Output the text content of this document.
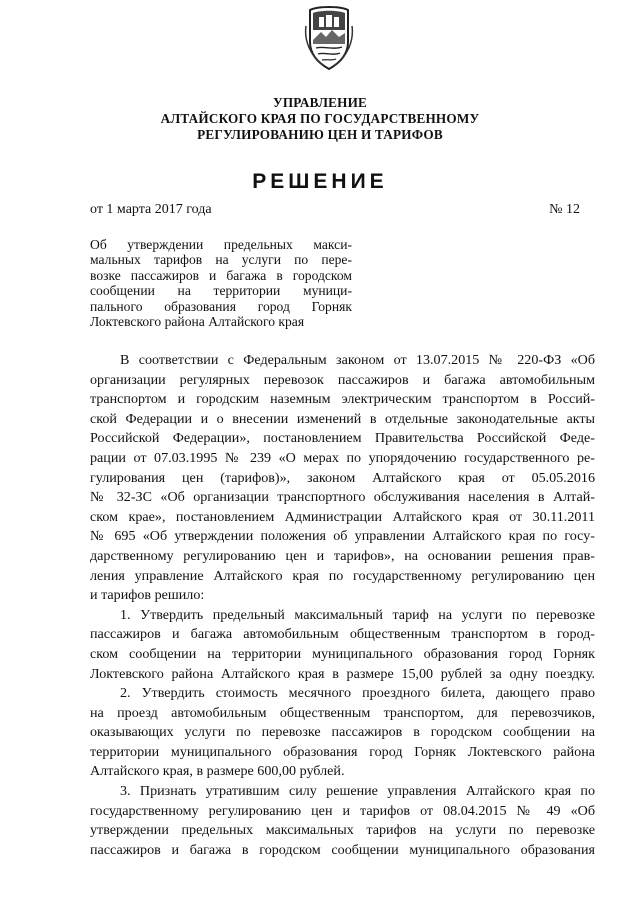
УПРАВЛЕНИЕ
АЛТАЙСКОГО КРАЯ ПО ГОСУДАРСТВЕННОМУ
РЕГУЛИРОВАНИЮ ЦЕН И ТАРИФОВ
РЕШЕНИЕ
от 1 марта 2017 года	№ 12
Об утверждении предельных макси-
мальных тарифов на услуги по пере-
возке пассажиров и багажа в городском
сообщении на территории муници-
пального образования город Горняк
Локтевского района Алтайского края
В соответствии с Федеральным законом от 13.07.2015 № 220-ФЗ «Об
организации регулярных перевозок пассажиров и багажа автомобильным
транспортом и городским наземным электрическим транспортом в Россий-
ской Федерации и о внесении изменений в отдельные законодательные акты
Российской Федерации», постановлением Правительства Российской Феде-
рации от 07.03.1995 № 239 «О мерах по упорядочению государственного ре-
гулирования цен (тарифов)», законом Алтайского края от 05.05.2016
№ 32-ЗС «Об организации транспортного обслуживания населения в Алтай-
ском крае», постановлением Администрации Алтайского края от 30.11.2011
№ 695 «Об утверждении положения об управлении Алтайского края по госу-
дарственному регулированию цен и тарифов», на основании решения прав-
ления управление Алтайского края по государственному регулированию цен
и тарифов решило:
1. Утвердить предельный максимальный тариф на услуги по перевозке
пассажиров и багажа автомобильным общественным транспортом в город-
ском сообщении на территории муниципального образования город Горняк
Локтевского района Алтайского края в размере 15,00 рублей за одну поездку.
2. Утвердить стоимость месячного проездного билета, дающего право
на проезд автомобильным общественным транспортом, для перевозчиков,
оказывающих услуги по перевозке пассажиров в городском сообщении на
территории муниципального образования город Горняк Локтевского района
Алтайского края, в размере 600,00 рублей.
3. Признать утратившим силу решение управления Алтайского края по
государственному регулированию цен и тарифов от 08.04.2015 № 49 «Об
утверждении предельных максимальных тарифов на услуги по перевозке
пассажиров и багажа в городском сообщении муниципального образования
